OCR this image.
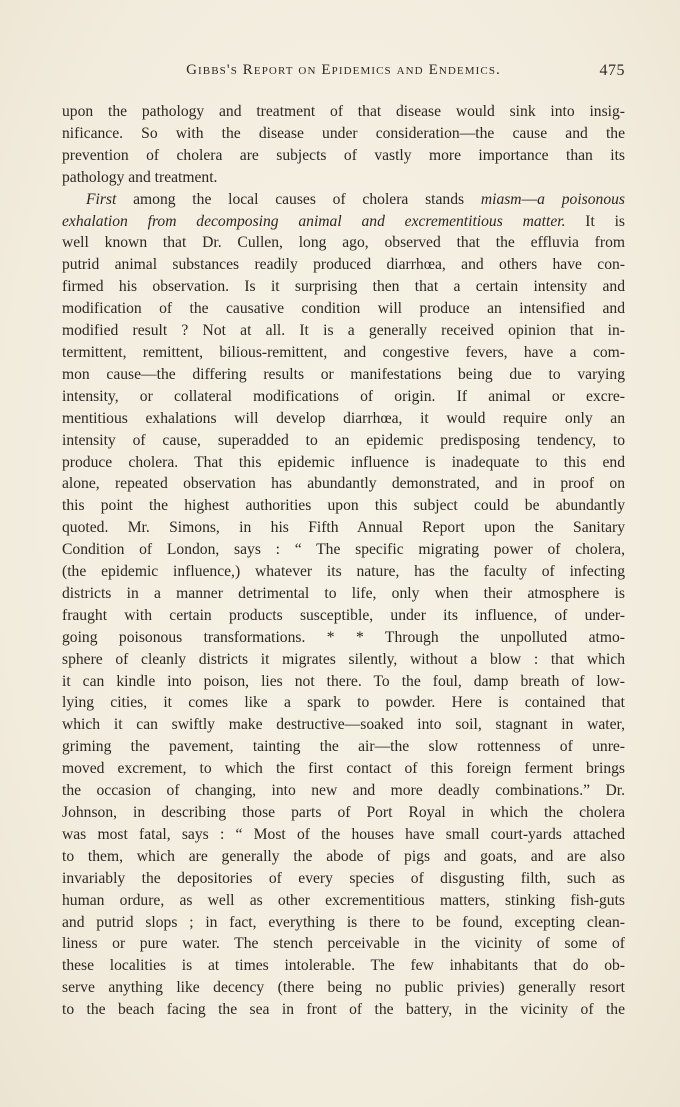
Gibbs's Report on Epidemics and Endemics.	475
upon the pathology and treatment of that disease would sink into insig-
nificance. So with the disease under consideration—the cause and the
prevention of cholera are subjects of vastly more importance than its
pathology and treatment.
First among the local causes of cholera stands miasm—a poisonous
exhalation from decomposing animal and excrementitious matter. It is
well known that Dr. Cullen, long ago, observed that the effluvia from
putrid animal substances readily produced diarrhœa, and others have con-
firmed his observation. Is it surprising then that a certain intensity and
modification of the causative condition will produce an intensified and
modified result ? Not at all. It is a generally received opinion that in-
termittent, remittent, bilious-remittent, and congestive fevers, have a com-
mon cause—the differing results or manifestations being due to varying
intensity, or collateral modifications of origin. If animal or excre-
mentitious exhalations will develop diarrhœa, it would require only an
intensity of cause, superadded to an epidemic predisposing tendency, to
produce cholera. That this epidemic influence is inadequate to this end
alone, repeated observation has abundantly demonstrated, and in proof on
this point the highest authorities upon this subject could be abundantly
quoted. Mr. Simons, in his Fifth Annual Report upon the Sanitary
Condition of London, says : “ The specific migrating power of cholera,
(the epidemic influence,) whatever its nature, has the faculty of infecting
districts in a manner detrimental to life, only when their atmosphere is
fraught with certain products susceptible, under its influence, of under-
going poisonous transformations. * * Through the unpolluted atmo-
sphere of cleanly districts it migrates silently, without a blow : that which
it can kindle into poison, lies not there. To the foul, damp breath of low-
lying cities, it comes like a spark to powder. Here is contained that
which it can swiftly make destructive—soaked into soil, stagnant in water,
griming the pavement, tainting the air—the slow rottenness of unre-
moved excrement, to which the first contact of this foreign ferment brings
the occasion of changing, into new and more deadly combinations.” Dr.
Johnson, in describing those parts of Port Royal in which the cholera
was most fatal, says : “ Most of the houses have small court-yards attached
to them, which are generally the abode of pigs and goats, and are also
invariably the depositories of every species of disgusting filth, such as
human ordure, as well as other excrementitious matters, stinking fish-guts
and putrid slops ; in fact, everything is there to be found, excepting clean-
liness or pure water. The stench perceivable in the vicinity of some of
these localities is at times intolerable. The few inhabitants that do ob-
serve anything like decency (there being no public privies) generally resort
to the beach facing the sea in front of the battery, in the vicinity of the
